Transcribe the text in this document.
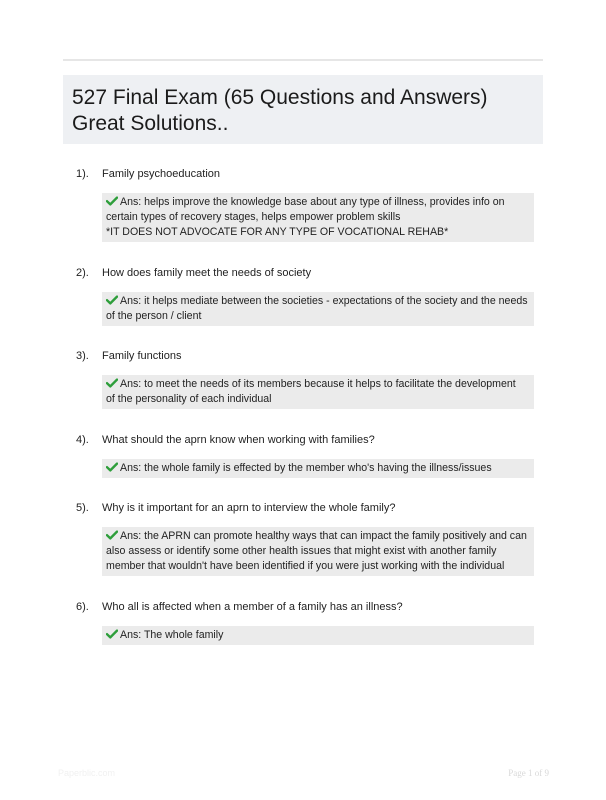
527 Final Exam (65 Questions and Answers)
Great Solutions..
1). Family psychoeducation
Ans: helps improve the knowledge base about any type of illness, provides info on
certain types of recovery stages, helps empower problem skills
*IT DOES NOT ADVOCATE FOR ANY TYPE OF VOCATIONAL REHAB*
2). How does family meet the needs of society
Ans: it helps mediate between the societies - expectations of the society and the needs
of the person / client
3). Family functions
Ans: to meet the needs of its members because it helps to facilitate the development
of the personality of each individual
4). What should the aprn know when working with families?
Ans: the whole family is effected by the member who's having the illness/issues
5). Why is it important for an aprn to interview the whole family?
Ans: the APRN can promote healthy ways that can impact the family positively and can
also assess or identify some other health issues that might exist with another family
member that wouldn't have been identified if you were just working with the individual
6). Who all is affected when a member of a family has an illness?
Ans: The whole family
Paperblic.com	Page 1 of 9
